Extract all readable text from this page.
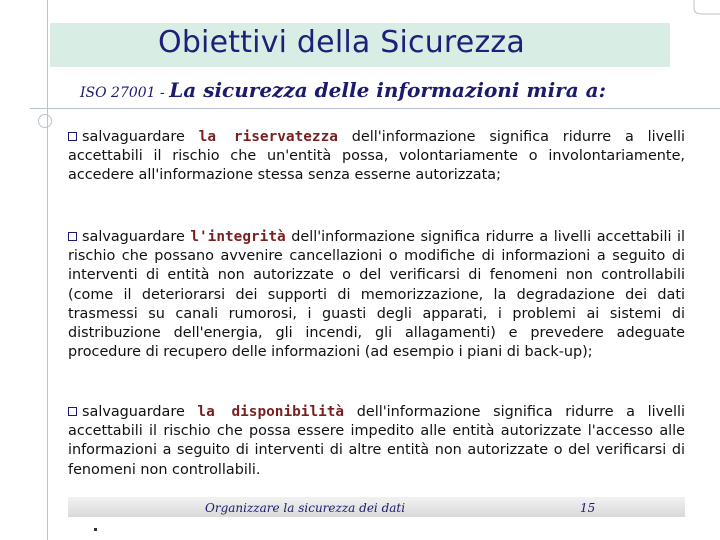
Obiettivi della Sicurezza
ISO 27001 - La sicurezza delle informazioni mira a:
salvaguardare la riservatezza dell'informazione significa ridurre a livelli accettabili il rischio che un'entità possa, volontariamente o involontariamente, accedere all'informazione stessa senza esserne autorizzata;
salvaguardare l'integrità dell'informazione significa ridurre a livelli accettabili il rischio che possano avvenire cancellazioni o modifiche di informazioni a seguito di interventi di entità non autorizzate o del verificarsi di fenomeni non controllabili (come il deteriorarsi dei supporti di memorizzazione, la degradazione dei dati trasmessi su canali rumorosi, i guasti degli apparati, i problemi ai sistemi di distribuzione dell'energia, gli incendi, gli allagamenti) e prevedere adeguate procedure di recupero delle informazioni (ad esempio i piani di back-up);
salvaguardare la disponibilità dell'informazione significa ridurre a livelli accettabili il rischio che possa essere impedito alle entità autorizzate l'accesso alle informazioni a seguito di interventi di altre entità non autorizzate o del verificarsi di fenomeni non controllabili.
Organizzare la sicurezza dei dati	15
